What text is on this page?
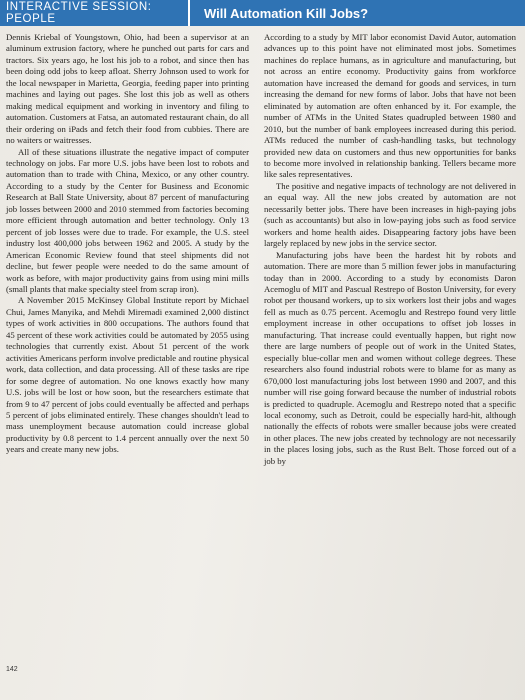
INTERACTIVE SESSION: PEOPLE	Will Automation Kill Jobs?

Dennis Kriebal of Youngstown, Ohio, had been a supervisor at an aluminum extrusion factory, where he punched out parts for cars and tractors. Six years ago, he lost his job to a robot, and since then has been doing odd jobs to keep afloat. Sherry Johnson used to work for the local newspaper in Marietta, Georgia, feeding paper into printing machines and laying out pages. She lost this job as well as others making medical equipment and working in inventory and filing to automation. Customers at Fatsa, an automated restaurant chain, do all their ordering on iPads and fetch their food from cubbies. There are no waiters or waitresses.

All of these situations illustrate the negative impact of computer technology on jobs. Far more U.S. jobs have been lost to robots and automation than to trade with China, Mexico, or any other country. According to a study by the Center for Business and Economic Research at Ball State University, about 87 percent of manufacturing job losses between 2000 and 2010 stemmed from factories becoming more efficient through automation and better technology. Only 13 percent of job losses were due to trade. For example, the U.S. steel industry lost 400,000 jobs between 1962 and 2005. A study by the American Economic Review found that steel shipments did not decline, but fewer people were needed to do the same amount of work as before, with major productivity gains from using mini mills (small plants that make specialty steel from scrap iron).

A November 2015 McKinsey Global Institute report by Michael Chui, James Manyika, and Mehdi Miremadi examined 2,000 distinct types of work activities in 800 occupations. The authors found that 45 percent of these work activities could be automated by 2055 using technologies that currently exist. About 51 percent of the work activities Americans perform involve predictable and routine physical work, data collection, and data processing. All of these tasks are ripe for some degree of automation. No one knows exactly how many U.S. jobs will be lost or how soon, but the researchers estimate that from 9 to 47 percent of jobs could eventually be affected and perhaps 5 percent of jobs eliminated entirely. These changes shouldn't lead to mass unemployment because automation could increase global productivity by 0.8 percent to 1.4 percent annually over the next 50 years and create many new jobs.

According to a study by MIT labor economist David Autor, automation advances up to this point have not eliminated most jobs. Sometimes machines do replace humans, as in agriculture and manufacturing, but not across an entire economy. Productivity gains from workforce automation have increased the demand for goods and services, in turn increasing the demand for new forms of labor. Jobs that have not been eliminated by automation are often enhanced by it. For example, the number of ATMs in the United States quadrupled between 1980 and 2010, but the number of bank employees increased during this period. ATMs reduced the number of cash-handling tasks, but technology provided new data on customers and thus new opportunities for banks to become more involved in relationship banking. Tellers became more like sales representatives.

The positive and negative impacts of technology are not delivered in an equal way. All the new jobs created by automation are not necessarily better jobs. There have been increases in high-paying jobs (such as accountants) but also in low-paying jobs such as food service workers and home health aides. Disappearing factory jobs have been largely replaced by new jobs in the service sector.

Manufacturing jobs have been the hardest hit by robots and automation. There are more than 5 million fewer jobs in manufacturing today than in 2000. According to a study by economists Daron Acemoglu of MIT and Pascual Restrepo of Boston University, for every robot per thousand workers, up to six workers lost their jobs and wages fell as much as 0.75 percent. Acemoglu and Restrepo found very little employment increase in other occupations to offset job losses in manufacturing. That increase could eventually happen, but right now there are large numbers of people out of work in the United States, especially blue-collar men and women without college degrees. These researchers also found industrial robots were to blame for as many as 670,000 lost manufacturing jobs lost between 1990 and 2007, and this number will rise going forward because the number of industrial robots is predicted to quadruple. Acemoglu and Restrepo noted that a specific local economy, such as Detroit, could be especially hard-hit, although nationally the effects of robots were smaller because jobs were created in other places. The new jobs created by technology are not necessarily in the places losing jobs, such as the Rust Belt. Those forced out of a job by

142
